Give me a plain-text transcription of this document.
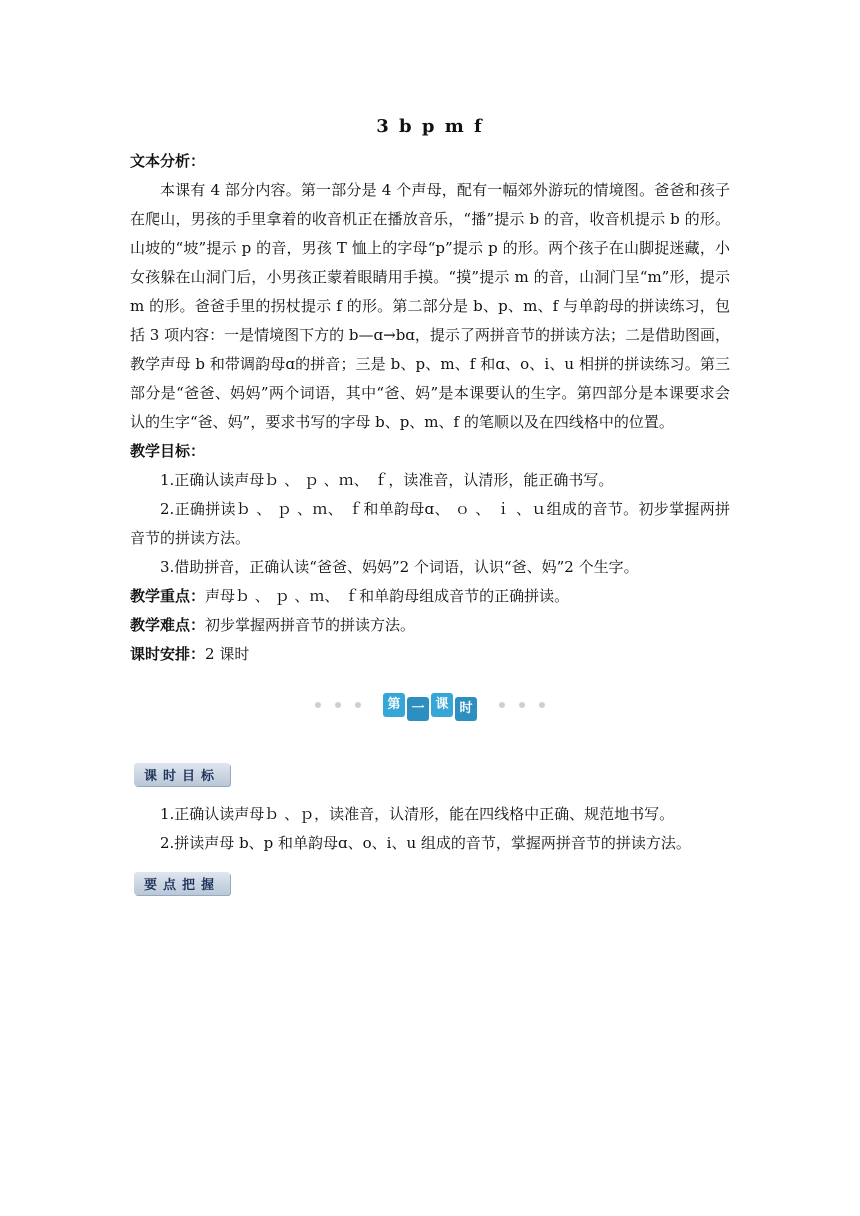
3 b p m f
文本分析：

本课有 4 部分内容。第一部分是 4 个声母，配有一幅郊外游玩的情境图。爸爸和孩子在爬山，男孩的手里拿着的收音机正在播放音乐，“播”提示 b 的音，收音机提示 b 的形。山坡的“坡”提示 p 的音，男孩 T 恤上的字母“p”提示 p 的形。两个孩子在山脚捉迷藏，小女孩躲在山洞门后，小男孩正蒙着眼睛用手摸。“摸”提示 m 的音，山洞门呈“m”形，提示 m 的形。爸爸手里的拐杖提示 f 的形。第二部分是 b、p、m、f 与单韵母的拼读练习，包括 3 项内容：一是情境图下方的 b—ɑ→bɑ，提示了两拼音节的拼读方法；二是借助图画，教学声母 b 和带调韵母ɑ的拼音；三是 b、p、m、f 和ɑ、o、i、u 相拼的拼读练习。第三部分是“爸爸、妈妈”两个词语，其中“爸、妈”是本课要认的生字。第四部分是本课要求会认的生字“爸、妈”，要求书写的字母 b、p、m、f 的笔顺以及在四线格中的位置。

教学目标：

1.正确认读声母ｂ 、 ｐ 、ｍ、 ｆ，读准音，认清形，能正确书写。

2.正确拼读ｂ 、 ｐ 、ｍ、 ｆ和单韵母ɑ、 ｏ 、 ｉ 、ｕ组成的音节。初步掌握两拼音节的拼读方法。

3.借助拼音，正确认读“爸爸、妈妈”2 个词语，认识“爸、妈”2 个生字。

教学重点：声母ｂ 、 ｐ 、ｍ、 ｆ和单韵母组成音节的正确拼读。
教学难点：初步掌握两拼音节的拼读方法。
课时安排：2 课时
第 一 课 时
课时目标

1.正确认读声母ｂ 、ｐ，读准音，认清形，能在四线格中正确、规范地书写。

2.拼读声母 b、p 和单韵母ɑ、o、i、u 组成的音节，掌握两拼音节的拼读方法。

要点把握
